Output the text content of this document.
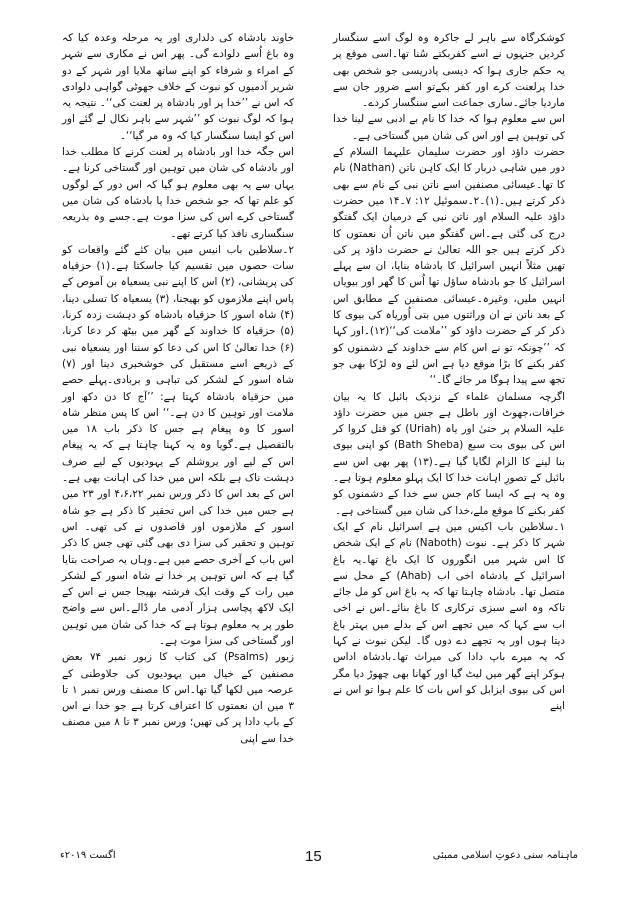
کوشکرگاہ سے باہر لے جاکرہ وہ لوگ اسے سنگسار کردیں جنہوں نے اسے کفربکتے سُنا تھا۔اسی موقع پر یہ حکم جاری ہوا کہ دیسی پادریسی جو شخص بھی خدا پرلعنت کرے اور کفر بکےتو اسے ضرور جان سے ماردیا جائے۔ساری جماعت اسے سنگسار کردے۔

اس سے معلوم ہوا کہ خدا کا نام بے ادبی سے لینا خدا کی توہین ہے اور اس کی شان میں گستاخی ہے۔

حضرت داؤد اور حضرت سلیمان علیہما السلام کے دور میں شاہی دربار کا ایک کاہن ناتن (Nathan) نام کا تھا۔عیسائی مصنفین اسے ناتن نبی کے نام سے بھی ذکر کرتے ہیں۔(۱)۔۲۔سموئیل ۱۲: ۷۔۱۴ میں حضرت داؤد علیہ السلام اور ناتن نبی کے درمیان ایک گفتگو درج کی گئی ہے۔اس گفتگو میں ناتن اُن نعمتوں کا ذکر کرتے ہیں جو اللہ تعالیٰ نے حضرت داؤد پر کی تھیں مثلاً انہیں اسرائیل کا بادشاہ بنایا، ان سے پہلے اسرائیل کا جو بادشاہ ساؤل تھا اُس کا گھر اور بیویاں انہیں ملیں، وغیرہ۔عیسائی مصنفین کے مطابق اس کے بعد ناتن نے ان وراثتوں میں بتی اُوریاہ کی بیوی کا ذکر کر کے حضرت داؤد کو ’’ملامت کی‘‘(۱۲)۔اور کہا کہ ’’چونکہ تو نے اس کام سے خداوند کے دشمنوں کو کفر بکنے کا بڑا موقع دیا ہے اس لئے وہ لڑکا بھی جو تجھ سے پیدا ہوگا مر جائے گا۔‘‘

اگرچہ مسلمان علماء کے نزدیک بائبل کا یہ بیان خرافات،جھوٹ اور باطل ہے جس میں حضرت داؤد علیہ السلام پر حتیٰ اور یاہ (Uriah) کو قتل کروا کر اس کی بیوی بت سبع (Bath Sheba) کو اپنی بیوی بنا لینے کا الزام لگایا گیا ہے۔(۱۳) پھر بھی اس سے بائبل کے تصورِ اہانت خدا کا ایک پہلو معلوم ہوتا ہے۔وہ یہ ہے کہ ایسا کام جس سے خدا کے دشمنوں کو کفر بکنے کا موقع ملے،خدا کی شان میں گستاخی ہے۔

۱۔سلاطین باب اکیس میں ہے اسرائیل نام کے ایک شہر کا ذکر ہے۔ نبوت (Naboth) نام کے ایک شخص کا اس شہر میں انگوروں کا ایک باغ تھا۔یہ باغ اسرائیل کے بادشاہ اخی اب (Ahab) کے محل سے متصل تھا۔ بادشاہ چاہتا تھا کہ یہ باغ اس کو مل جائے تاکہ وہ اسے سبزی ترکاری کا باغ بنائے۔اس نے اخی اب سے کہا کہ میں تجھے اس کے بدلے میں بہتر باغ دیتا ہوں اور یہ تجھے دے دوں گا۔ لیکن نبوت نے کہا کہ یہ میرے باپ دادا کی میراث تھا۔بادشاہ اداس ہوکر اپنے گھر میں لیٹ گیا اور کھانا بھی چھوڑ دیا مگر اس کی بیوی ایزابل کو اس بات کا علم ہوا تو اس نے اپنے

خاوند بادشاہ کی دلداری اور یہ مرحلہ وعدہ کیا کہ وہ باغ اُسے دلوادے گی۔ پھر اس نے مکاری سے شہر کے امراء و شرفاء کو اپنے ساتھ ملایا اور شہر کے دو شریر آدمیوں کو نبوت کے خلاف جھوٹی گواہی دلوادی کہ اس نے ’’خدا پر اور بادشاہ پر لعنت کی‘‘۔ نتیجہ یہ ہوا کہ لوگ نبوت کو ’’شہر سے باہر نکال لے گئے اور اس کو ایسا سنگسار کیا کہ وہ مر گیا‘‘۔

اس جگہ خدا اور بادشاہ پر لعنت کرنے کا مطلب خدا اور بادشاہ کی شان میں توہین اور گستاخی کرنا ہے۔یہاں سے یہ بھی معلوم ہو گیا کہ اس دور کے لوگوں کو علم تھا کہ جو شخص خدا یا بادشاہ کی شان میں گستاخی کرے اس کی سزا موت ہے۔جسے وہ بذریعہ سنگساری نافذ کیا کرتے تھے۔

۲۔سلاطین باب انیس میں بیان کئے گئے واقعات کو سات حصوں میں تقسیم کیا جاسکتا ہے۔(۱) حزقیاہ کی پریشانی، (۲) اس کا اپنے نبی یسعیاہ بن آموص کے پاس اپنے ملازموں کو بھیجنا، (۳) یسعیاہ کا تسلی دینا، (۴) شاہ اسور کا حزقیاہ بادشاہ کو دہشت زدہ کرنا، (۵) حزقیاہ کا خداوند کے گھر میں بیٹھ کر دعا کرنا، (۶) خدا تعالیٰ کا اس کی دعا کو سننا اور یسعیاہ نبی کے ذریعے اسے مستقبل کی خوشخبری دینا اور (۷) شاہ اسور کے لشکر کی تباہی و بربادی۔پہلے حصے میں حزقیاہ بادشاہ کہتا ہے: ’’آج کا دن دکھ اور ملامت اور توہین کا دن ہے۔‘‘ اس کا پس منظر شاہ اسور کا وہ پیغام ہے جس کا ذکر باب ۱۸ میں بالتفصیل ہے۔گویا وہ یہ کہنا چاہتا ہے کہ یہ پیغام اس کے لیے اور یروشلم کے یہودیوں کے لیے صرف دہشت ناک ہے بلکہ اس میں خدا کی اہانت بھی ہے۔اس کے بعد اس کا ذکر ورس نمبر ۴،۶،۲۲ اور ۲۳ میں ہے جس میں خدا کی اس تحقیر کا ذکر ہے جو شاہ اسور کے ملازموں اور قاصدوں نے کی تھی۔ اس توہین و تحقیر کی سزا دی بھی گئی تھی جس کا ذکر اس باب کے آخری حصے میں ہے۔وہاں یہ صراحت بتایا گیا ہے کہ اس توہین پر خدا نے شاہ اسور کے لشکر میں رات کے وقت ایک فرشتہ بھیجا جس نے اس کے ایک لاکھ پچاسی ہزار آدمی مار ڈالے۔اس سے واضح طور پر یہ معلوم ہوتا ہے کہ خدا کی شان میں توہین اور گستاخی کی سزا موت ہے۔

زبور (Psalms) کی کتاب کا زبور نمبر ۷۴ بعض مصنفین کے خیال میں یہودیوں کی جلاوطنی کے عرصہ میں لکھا گیا تھا۔اس کا مصنف ورس نمبر ۱ تا ۳ میں ان نعمتوں کا اعتراف کرتا ہے جو خدا نے اس کے باپ دادا پر کی تھیں؛ ورس نمبر ۳ تا ۸ میں مصنف خدا سے اپنی

ماہنامہ سنی دعوتِ اسلامی ممبئی
15
اگست ۲۰۱۹ء
